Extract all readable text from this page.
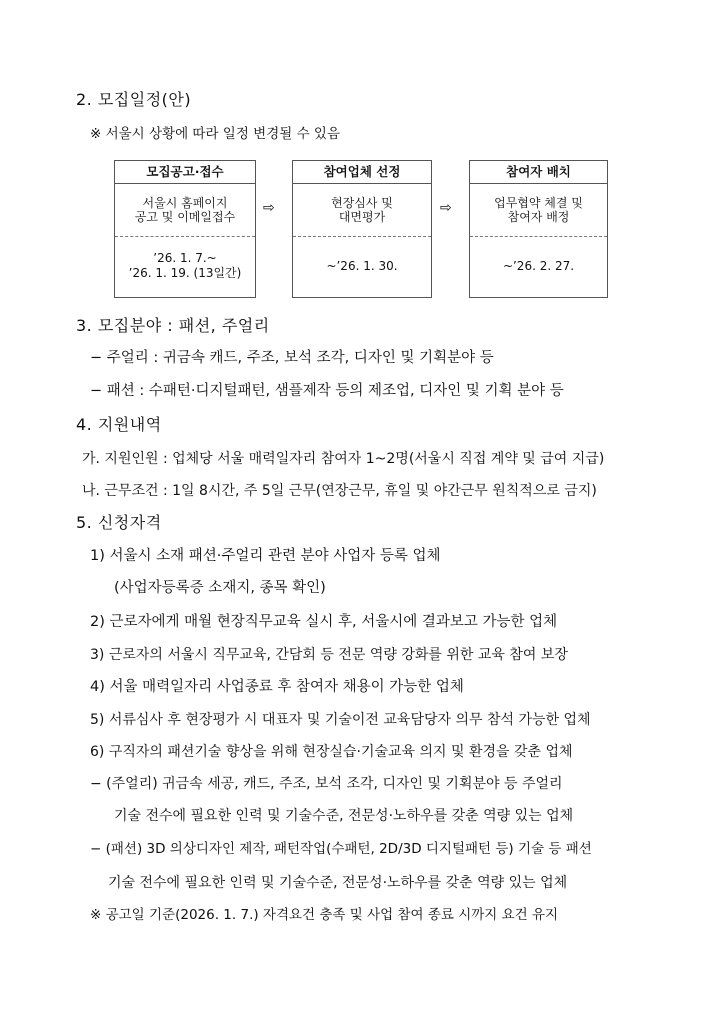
2. 모집일정(안)
※ 서울시 상황에 따라 일정 변경될 수 있음
모집공고·접수
서울시 홈페이지
공고 및 이메일접수
’26. 1. 7.~
’26. 1. 19. (13일간)
⇨
참여업체 선정
현장심사 및
대면평가
~’26. 1. 30.
⇨
참여자 배치
업무협약 체결 및
참여자 배정
~’26. 2. 27.
3. 모집분야 : 패션, 주얼리
− 주얼리 : 귀금속 캐드, 주조, 보석 조각, 디자인 및 기획분야 등
− 패션 : 수패턴·디지털패턴, 샘플제작 등의 제조업, 디자인 및 기획 분야 등
4. 지원내역
가. 지원인원 : 업체당 서울 매력일자리 참여자 1~2명(서울시 직접 계약 및 급여 지급)
나. 근무조건 : 1일 8시간, 주 5일 근무(연장근무, 휴일 및 야간근무 원칙적으로 금지)
5. 신청자격
1) 서울시 소재 패션·주얼리 관련 분야 사업자 등록 업체
(사업자등록증 소재지, 종목 확인)
2) 근로자에게 매월 현장직무교육 실시 후, 서울시에 결과보고 가능한 업체
3) 근로자의 서울시 직무교육, 간담회 등 전문 역량 강화를 위한 교육 참여 보장
4) 서울 매력일자리 사업종료 후 참여자 채용이 가능한 업체
5) 서류심사 후 현장평가 시 대표자 및 기술이전 교육담당자 의무 참석 가능한 업체
6) 구직자의 패션기술 향상을 위해 현장실습·기술교육 의지 및 환경을 갖춘 업체
− (주얼리) 귀금속 세공, 캐드, 주조, 보석 조각, 디자인 및 기획분야 등 주얼리
기술 전수에 필요한 인력 및 기술수준, 전문성·노하우를 갖춘 역량 있는 업체
− (패션) 3D 의상디자인 제작, 패턴작업(수패턴, 2D/3D 디지털패턴 등) 기술 등 패션
기술 전수에 필요한 인력 및 기술수준, 전문성·노하우를 갖춘 역량 있는 업체
※ 공고일 기준(2026. 1. 7.) 자격요건 충족 및 사업 참여 종료 시까지 요건 유지
